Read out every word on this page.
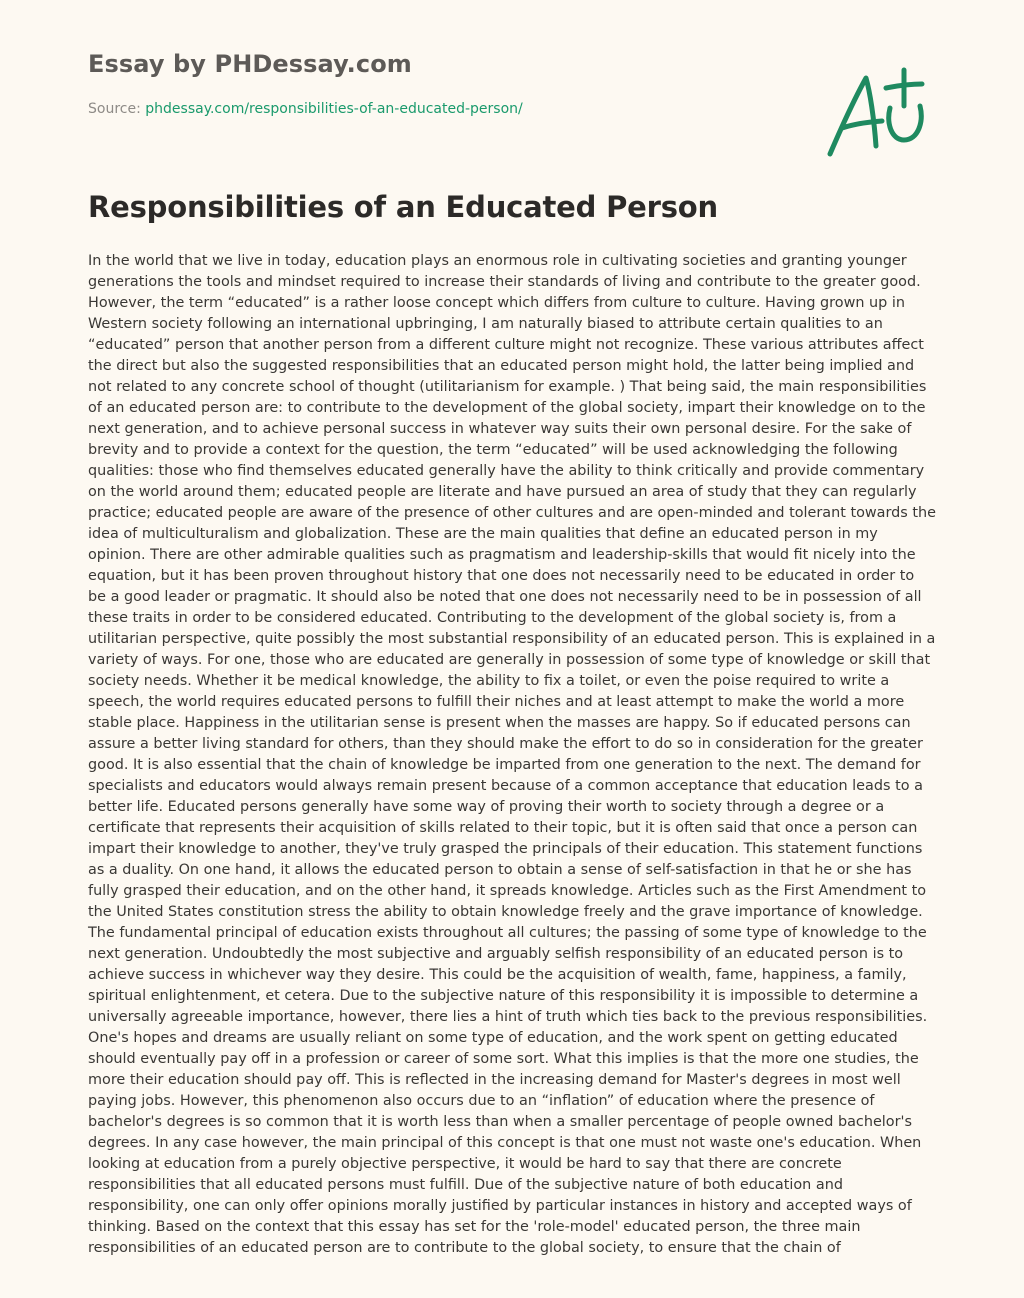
Essay by PHDessay.com
Source: phdessay.com/responsibilities-of-an-educated-person/
Responsibilities of an Educated Person

In the world that we live in today, education plays an enormous role in cultivating societies and granting younger generations the tools and mindset required to increase their standards of living and contribute to the greater good. However, the term “educated” is a rather loose concept which differs from culture to culture. Having grown up in Western society following an international upbringing, I am naturally biased to attribute certain qualities to an “educated” person that another person from a different culture might not recognize. These various attributes affect the direct but also the suggested responsibilities that an educated person might hold, the latter being implied and not related to any concrete school of thought (utilitarianism for example. ) That being said, the main responsibilities of an educated person are: to contribute to the development of the global society, impart their knowledge on to the next generation, and to achieve personal success in whatever way suits their own personal desire. For the sake of brevity and to provide a context for the question, the term “educated” will be used acknowledging the following qualities: those who find themselves educated generally have the ability to think critically and provide commentary on the world around them; educated people are literate and have pursued an area of study that they can regularly practice; educated people are aware of the presence of other cultures and are open-minded and tolerant towards the idea of multiculturalism and globalization. These are the main qualities that define an educated person in my opinion. There are other admirable qualities such as pragmatism and leadership-skills that would fit nicely into the equation, but it has been proven throughout history that one does not necessarily need to be educated in order to be a good leader or pragmatic. It should also be noted that one does not necessarily need to be in possession of all these traits in order to be considered educated. Contributing to the development of the global society is, from a utilitarian perspective, quite possibly the most substantial responsibility of an educated person. This is explained in a variety of ways. For one, those who are educated are generally in possession of some type of knowledge or skill that society needs. Whether it be medical knowledge, the ability to fix a toilet, or even the poise required to write a speech, the world requires educated persons to fulfill their niches and at least attempt to make the world a more stable place. Happiness in the utilitarian sense is present when the masses are happy. So if educated persons can assure a better living standard for others, than they should make the effort to do so in consideration for the greater good. It is also essential that the chain of knowledge be imparted from one generation to the next. The demand for specialists and educators would always remain present because of a common acceptance that education leads to a better life. Educated persons generally have some way of proving their worth to society through a degree or a certificate that represents their acquisition of skills related to their topic, but it is often said that once a person can impart their knowledge to another, they've truly grasped the principals of their education. This statement functions as a duality. On one hand, it allows the educated person to obtain a sense of self-satisfaction in that he or she has fully grasped their education, and on the other hand, it spreads knowledge. Articles such as the First Amendment to the United States constitution stress the ability to obtain knowledge freely and the grave importance of knowledge. The fundamental principal of education exists throughout all cultures; the passing of some type of knowledge to the next generation. Undoubtedly the most subjective and arguably selfish responsibility of an educated person is to achieve success in whichever way they desire. This could be the acquisition of wealth, fame, happiness, a family, spiritual enlightenment, et cetera. Due to the subjective nature of this responsibility it is impossible to determine a universally agreeable importance, however, there lies a hint of truth which ties back to the previous responsibilities. One's hopes and dreams are usually reliant on some type of education, and the work spent on getting educated should eventually pay off in a profession or career of some sort. What this implies is that the more one studies, the more their education should pay off. This is reflected in the increasing demand for Master's degrees in most well paying jobs. However, this phenomenon also occurs due to an “inflation” of education where the presence of bachelor's degrees is so common that it is worth less than when a smaller percentage of people owned bachelor's degrees. In any case however, the main principal of this concept is that one must not waste one's education. When looking at education from a purely objective perspective, it would be hard to say that there are concrete responsibilities that all educated persons must fulfill. Due of the subjective nature of both education and responsibility, one can only offer opinions morally justified by particular instances in history and accepted ways of thinking. Based on the context that this essay has set for the 'role-model' educated person, the three main responsibilities of an educated person are to contribute to the global society, to ensure that the chain of
